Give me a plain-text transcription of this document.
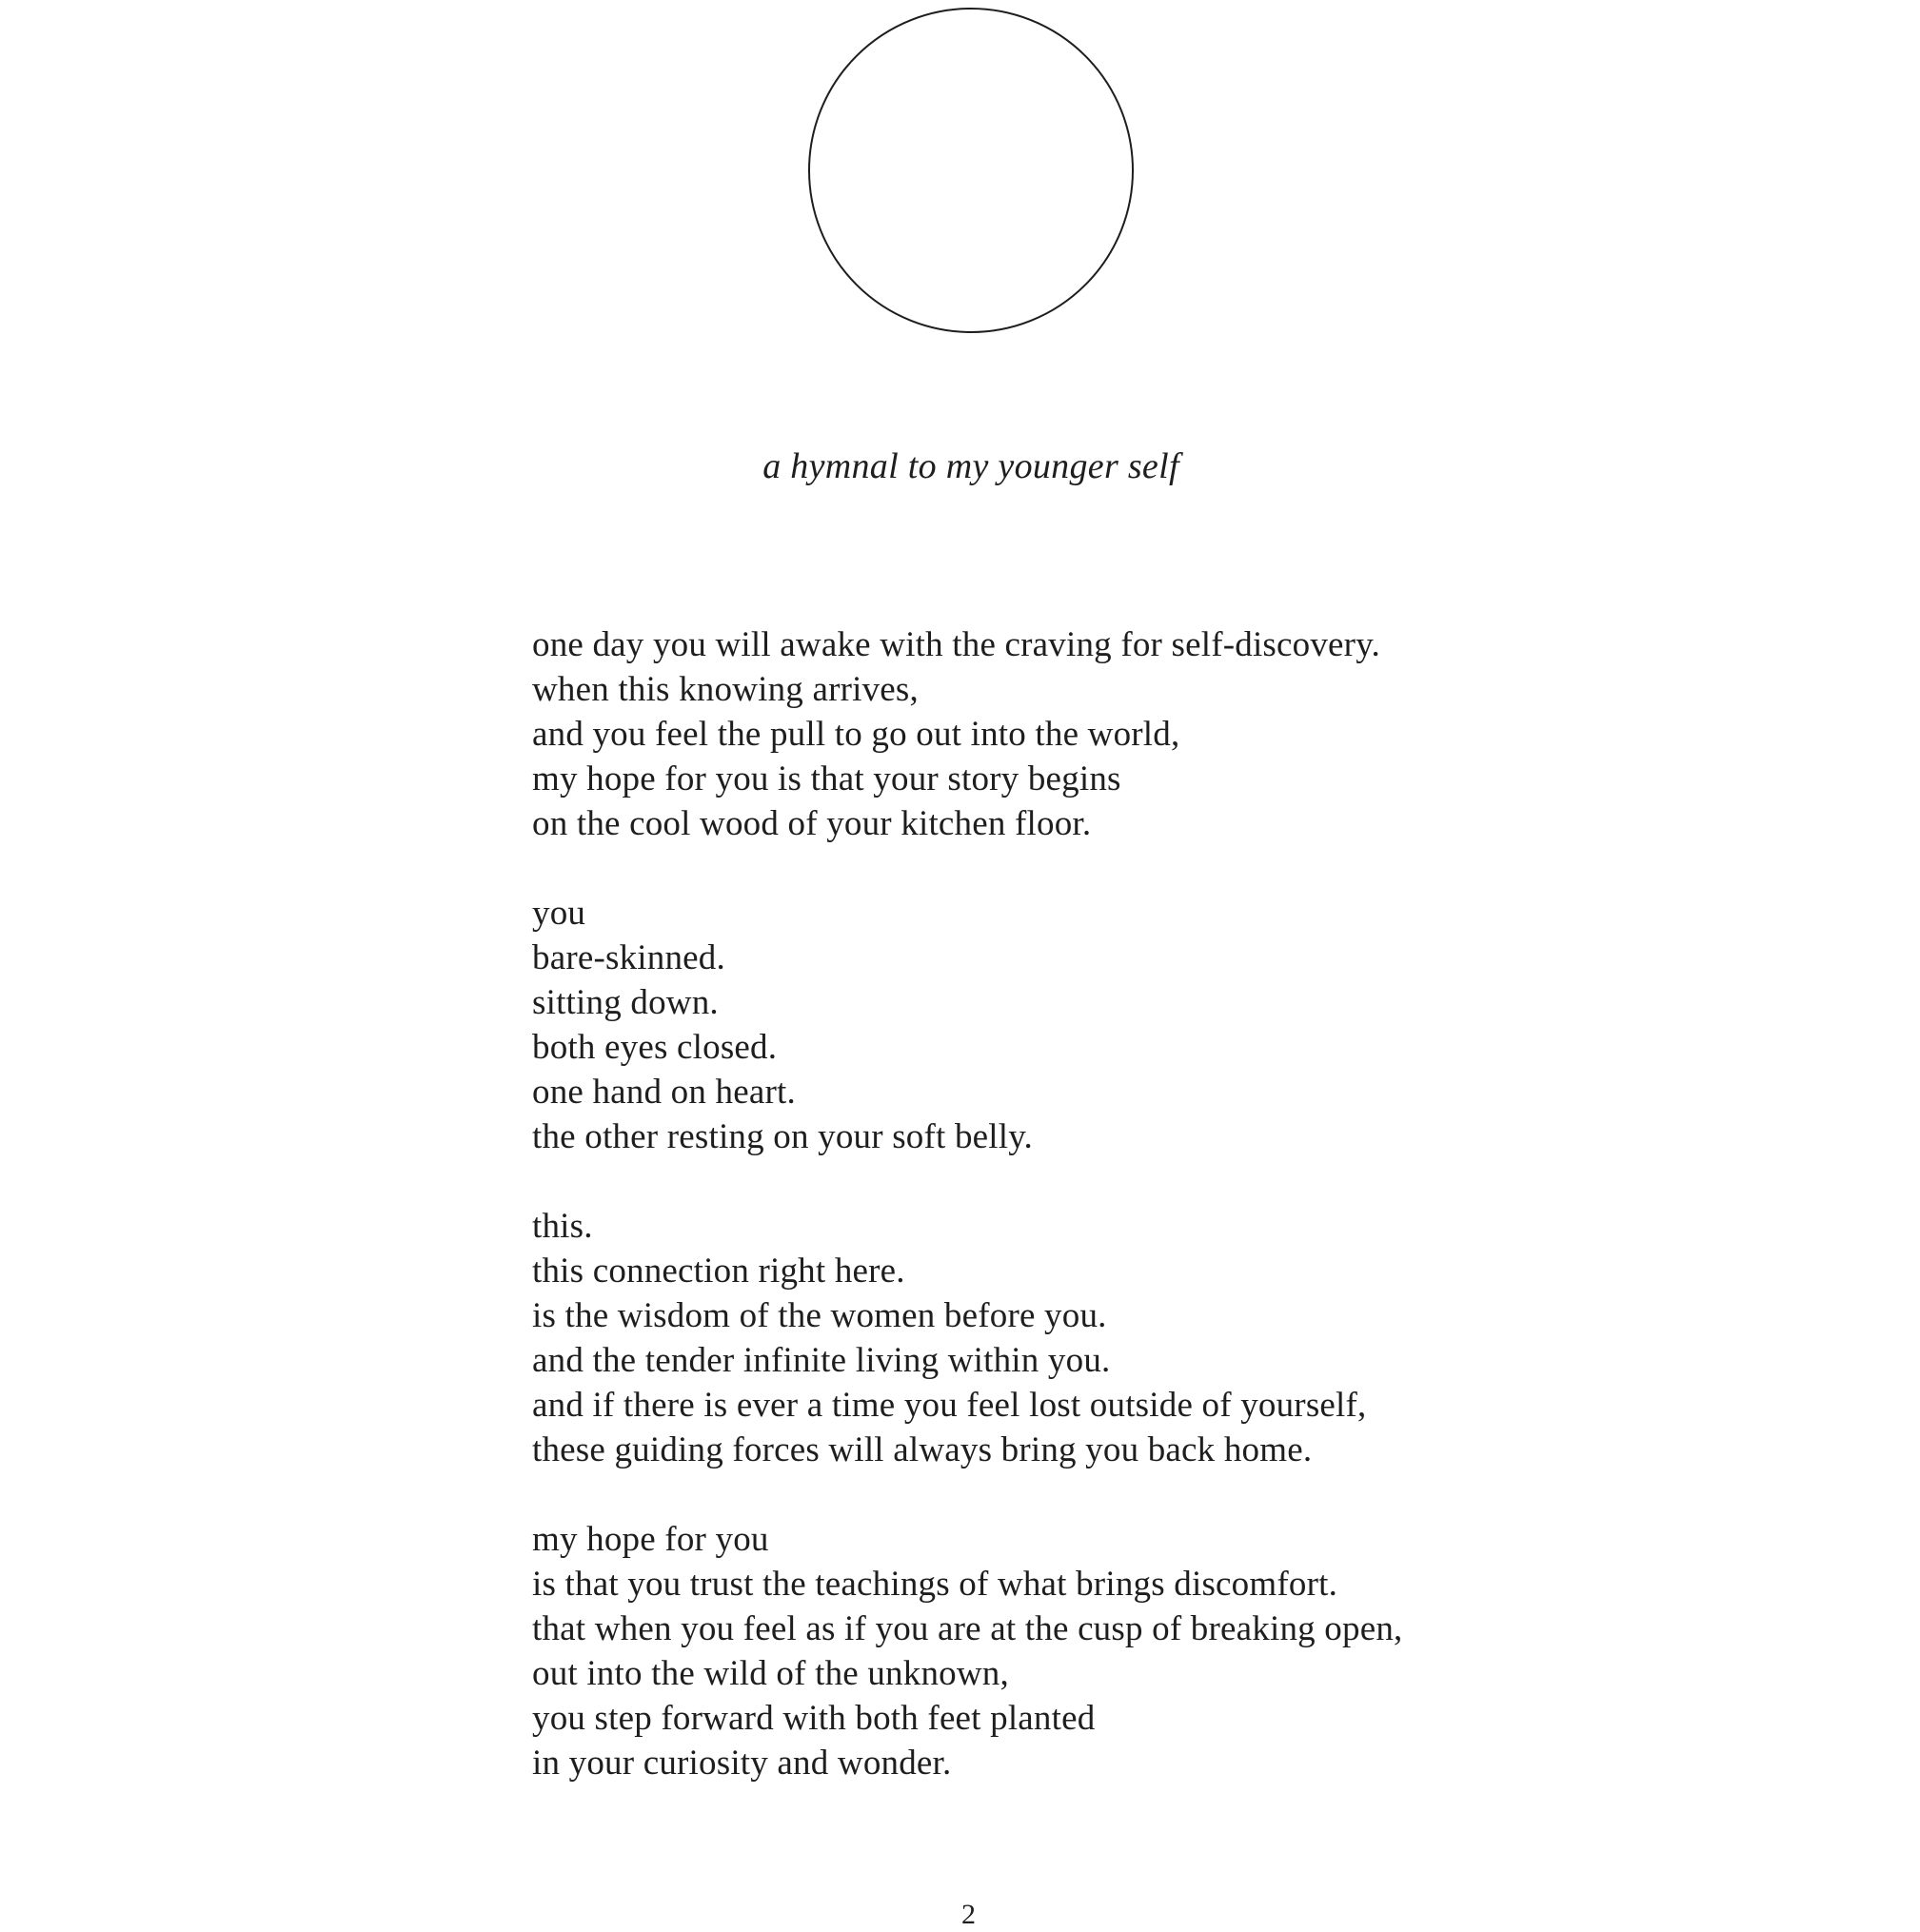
a hymnal to my younger self
one day you will awake with the craving for self-discovery.
when this knowing arrives,
and you feel the pull to go out into the world,
my hope for you is that your story begins
on the cool wood of your kitchen floor.
you
bare-skinned.
sitting down.
both eyes closed.
one hand on heart.
the other resting on your soft belly.
this.
this connection right here.
is the wisdom of the women before you.
and the tender infinite living within you.
and if there is ever a time you feel lost outside of yourself,
these guiding forces will always bring you back home.
my hope for you
is that you trust the teachings of what brings discomfort.
that when you feel as if you are at the cusp of breaking open,
out into the wild of the unknown,
you step forward with both feet planted
in your curiosity and wonder.
2
